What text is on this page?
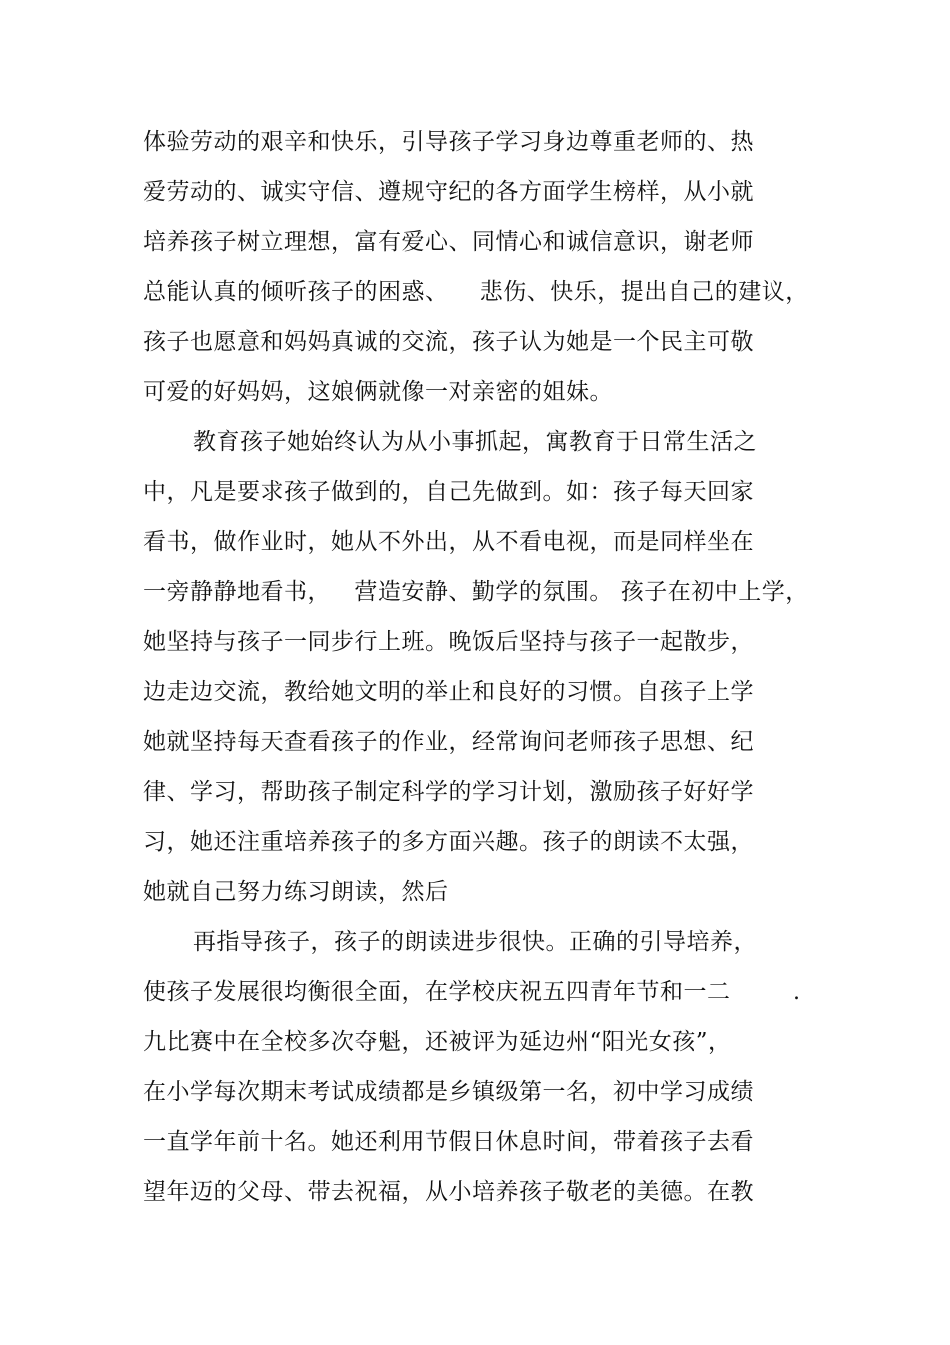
体验劳动的艰辛和快乐，引导孩子学习身边尊重老师的、热
爱劳动的、诚实守信、遵规守纪的各方面学生榜样，从小就
培养孩子树立理想，富有爱心、同情心和诚信意识，谢老师
总能认真的倾听孩子的困惑、    悲伤、快乐，提出自己的建议，
孩子也愿意和妈妈真诚的交流，孩子认为她是一个民主可敬
可爱的好妈妈，这娘俩就像一对亲密的姐妹。
教育孩子她始终认为从小事抓起，寓教育于日常生活之
中，凡是要求孩子做到的，自己先做到。如：孩子每天回家
看书，做作业时，她从不外出，从不看电视，而是同样坐在
一旁静静地看书，   营造安静、勤学的氛围。 孩子在初中上学，
她坚持与孩子一同步行上班。晚饭后坚持与孩子一起散步，
边走边交流，教给她文明的举止和良好的习惯。自孩子上学
她就坚持每天查看孩子的作业，经常询问老师孩子思想、纪
律、学习，帮助孩子制定科学的学习计划，激励孩子好好学
习，她还注重培养孩子的多方面兴趣。孩子的朗读不太强，
她就自己努力练习朗读，然后
再指导孩子，孩子的朗读进步很快。正确的引导培养，
使孩子发展很均衡很全面，在学校庆祝五四青年节和一二	.
九比赛中在全校多次夺魁，还被评为延边州“阳光女孩”，
在小学每次期末考试成绩都是乡镇级第一名，初中学习成绩
一直学年前十名。她还利用节假日休息时间，带着孩子去看
望年迈的父母、带去祝福，从小培养孩子敬老的美德。在教
